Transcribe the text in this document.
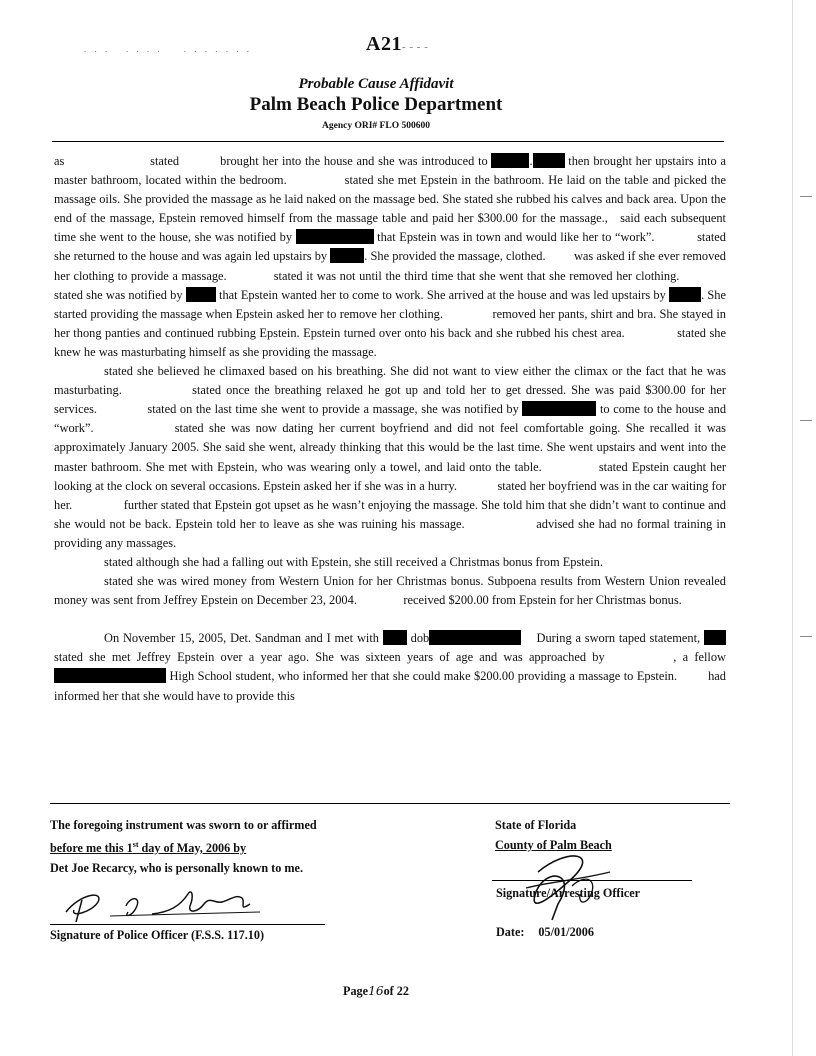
. . .   . . . .    . . . . . . .	A21- - - -
Probable Cause Affidavit
Palm Beach Police Department
Agency ORI# FLO 500600

as	stated	brought her into the house and she was introduced to	.	then brought her upstairs into a master bathroom, located within the bedroom.	stated she met Epstein in the bathroom. He laid on the table and picked the massage oils. She provided the massage as he laid naked on the massage bed. She stated she rubbed his calves and back area. Upon the end of the massage, Epstein removed himself from the massage table and paid her $300.00 for the massage., said each subsequent time she went to the house, she was notified by	that Epstein was in town and would like her to “work”.	stated she returned to the house and was again led upstairs by	. She provided the massage, clothed. was asked if she ever removed her clothing to provide a massage.	stated it was not until the third time that she went that she removed her clothing.              stated she was notified by	that Epstein wanted her to come to work. She arrived at the house and was led upstairs by	. She started providing the massage when Epstein asked her to remove her clothing.	removed her pants, shirt and bra. She stayed in her thong panties and continued rubbing Epstein. Epstein turned over onto his back and she rubbed his chest area.	stated she knew he was masturbating himself as she providing the massage.

stated she believed he climaxed based on his breathing. She did not want to view either the climax or the fact that he was masturbating.	stated once the breathing relaxed he got up and told her to get dressed. She was paid $300.00 for her services.	stated on the last time she went to provide a massage, she was notified by	to come to the house and “work”.	stated she was now dating her current boyfriend and did not feel comfortable going. She recalled it was approximately January 2005. She said she went, already thinking that this would be the last time. She went upstairs and went into the master bathroom. She met with Epstein, who was wearing only a towel, and laid onto the table.	stated Epstein caught her looking at the clock on several occasions. Epstein asked her if she was in a hurry.	stated her boyfriend was in the car waiting for her.	further stated that Epstein got upset as he wasn’t enjoying the massage. She told him that she didn’t want to continue and she would not be back. Epstein told her to leave as she was ruining his massage.	advised she had no formal training in providing any massages.

stated although she had a falling out with Epstein, she still received a Christmas bonus from Epstein.

stated she was wired money from Western Union for her Christmas bonus. Subpoena results from Western Union revealed money was sent from Jeffrey Epstein on December 23, 2004.	received $200.00 from Epstein for her Christmas bonus.

On November 15, 2005, Det. Sandman and I met with	dob	During a sworn taped statement,  stated she met Jeffrey Epstein over a year ago. She was sixteen years of age and was approached by	, a fellow  High School student, who informed her that she could make $200.00 providing a massage to Epstein.	had informed her that she would have to provide this

The foregoing instrument was sworn to or affirmed
before me this 1st day of May, 2006 by
Det Joe Recarcy, who is personally known to me.
State of Florida
County of Palm Beach
Signature/Arresting Officer
Date: 05/01/2006
Signature of Police Officer (F.S.S. 117.10)
Page16of 22
